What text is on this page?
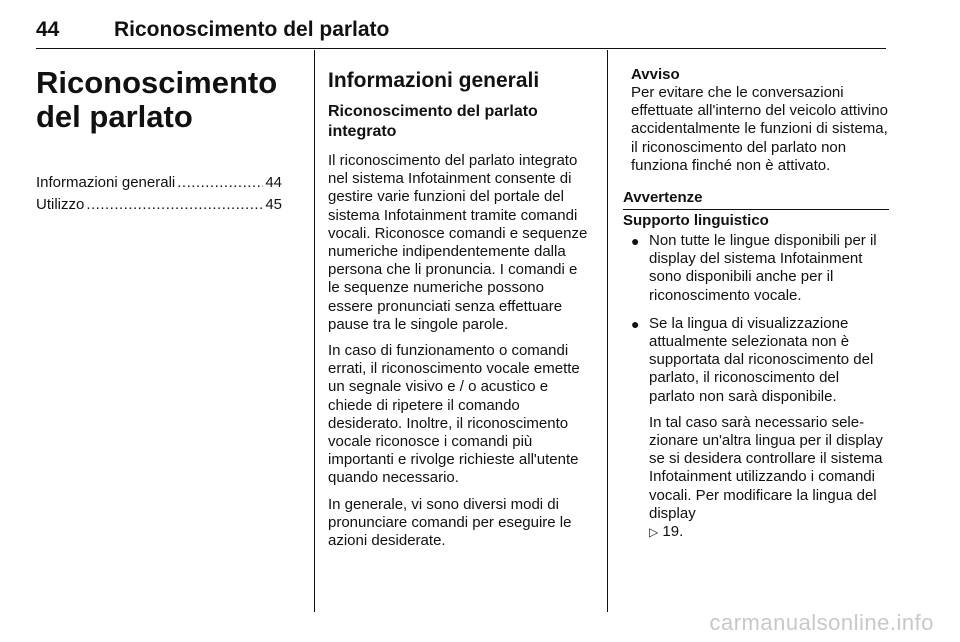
44	Riconoscimento del parlato
Riconoscimento del parlato
Informazioni generali .....	44
Utilizzo .....	45
Informazioni generali
Riconoscimento del parlato integrato

Il riconoscimento del parlato integrato nel sistema Infotainment consente di gestire varie funzioni del portale del sistema Infotainment tramite comandi vocali. Riconosce comandi e sequenze numeriche indipendentemente dalla persona che li pronuncia. I comandi e le sequenze numeriche possono essere pronunciati senza effettuare pause tra le singole parole.

In caso di funzionamento o comandi errati, il riconoscimento vocale emette un segnale visivo e / o acustico e chiede di ripetere il comando desiderato. Inoltre, il riconoscimento vocale riconosce i comandi più importanti e rivolge richieste all'utente quando necessario.

In generale, vi sono diversi modi di pronunciare comandi per eseguire le azioni desiderate.

Avviso

Per evitare che le conversazioni effettuate all'interno del veicolo attivino accidentalmente le funzioni di sistema, il riconoscimento del parlato non funziona finché non è attivato.

Avvertenze
Supporto linguistico
● Non tutte le lingue disponibili per il display del sistema Infotainment sono disponibili anche per il riconoscimento vocale.
● Se la lingua di visualizzazione attualmente selezionata non è supportata dal riconoscimento del parlato, il riconoscimento del parlato non sarà disponibile.

In tal caso sarà necessario selezionare un'altra lingua per il display se si desidera controllare il sistema Infotainment utilizzando i comandi vocali. Per modificare la lingua del display
▷ 19.

carmanualsonline.info
